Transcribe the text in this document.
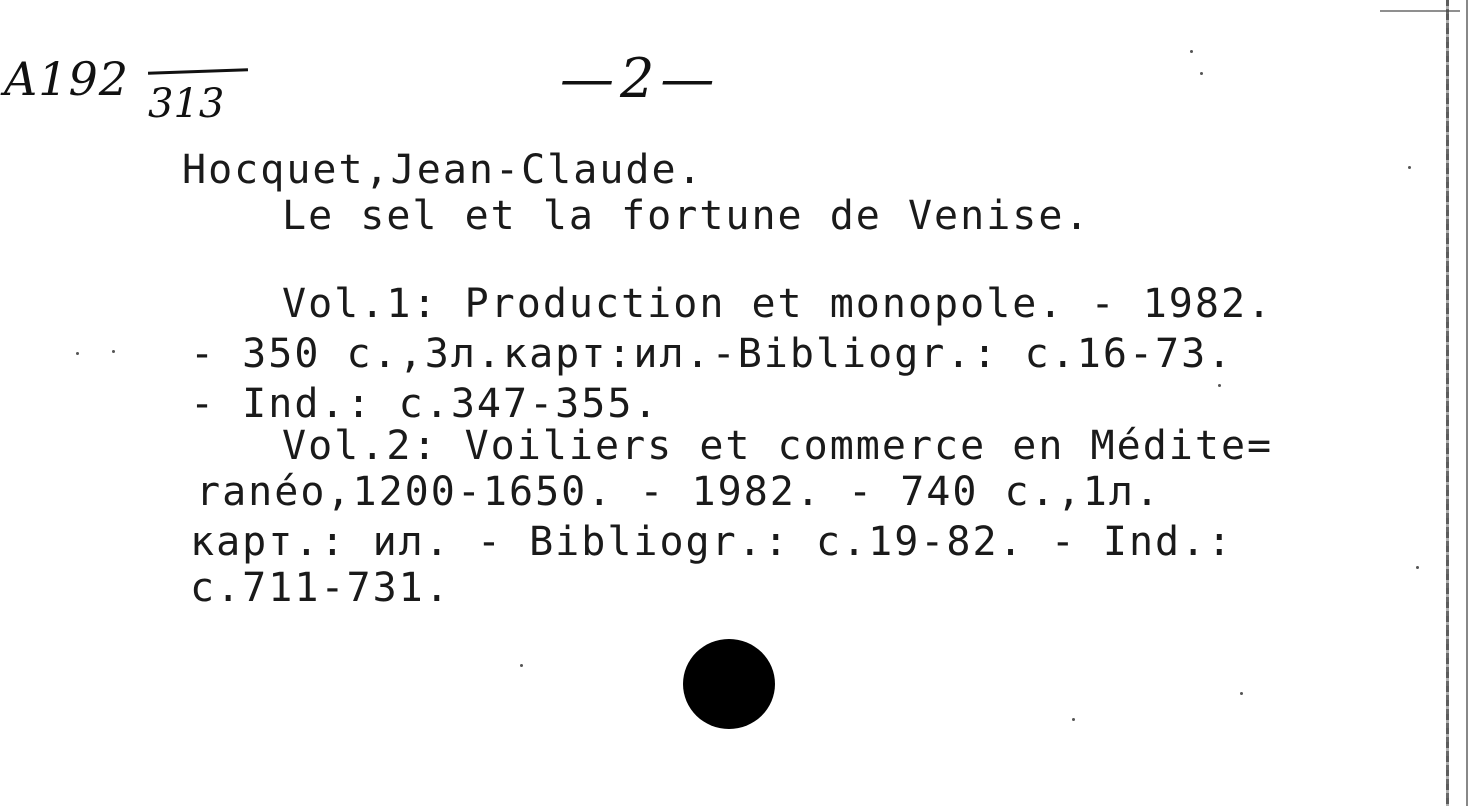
A192 313	—2—
Hocquet,Jean-Claude.
Le sel et la fortune de Venise.
Vol.1: Production et monopole. - 1982.
- 350 c.,3л.карт:ил.-Bibliogr.: c.16-73.
- Ind.: c.347-355.
Vol.2: Voiliers et commerce en Médite=
ranéo,1200-1650. - 1982. - 740 c.,1л.
карт.: ил. - Bibliogr.: c.19-82. - Ind.:
c.711-731.
